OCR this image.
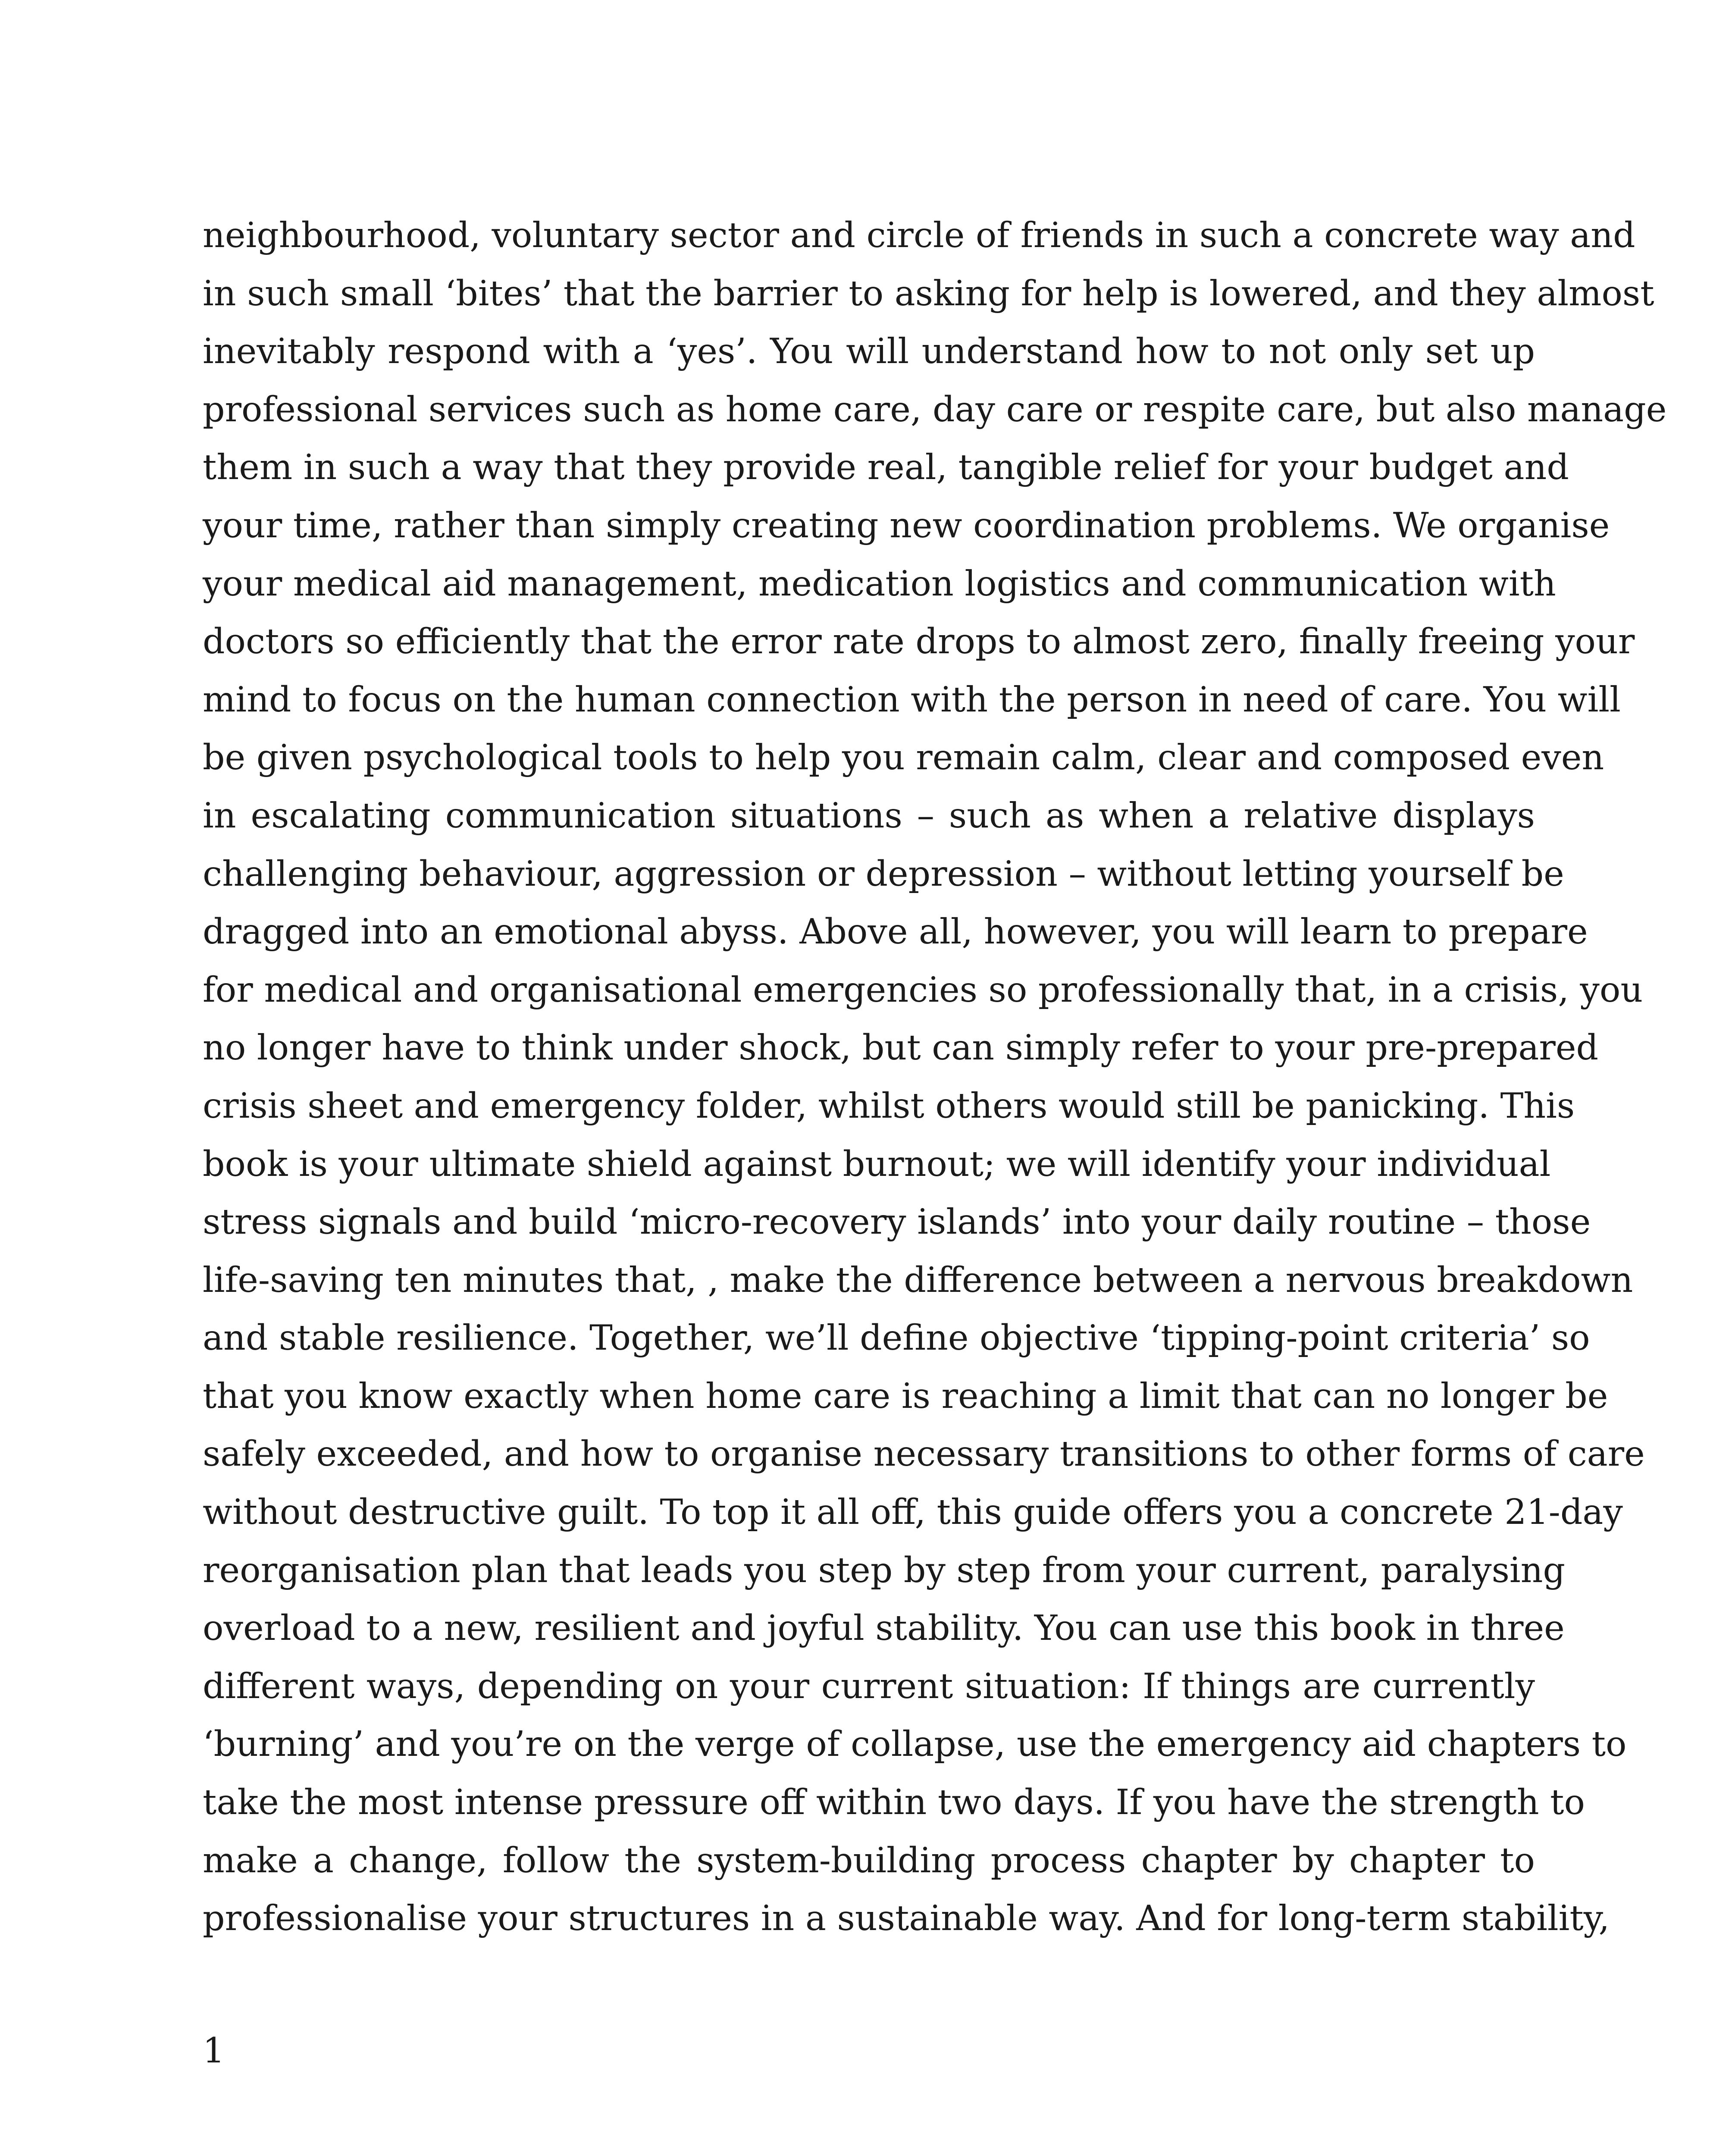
neighbourhood, voluntary sector and circle of friends in such a concrete way and
in such small ‘bites’ that the barrier to asking for help is lowered, and they almost
inevitably respond with a ‘yes’. You will understand how to not only set up
professional services such as home care, day care or respite care, but also manage
them in such a way that they provide real, tangible relief for your budget and
your time, rather than simply creating new coordination problems. We organise
your medical aid management, medication logistics and communication with
doctors so efficiently that the error rate drops to almost zero, finally freeing your
mind to focus on the human connection with the person in need of care. You will
be given psychological tools to help you remain calm, clear and composed even
in escalating communication situations – such as when a relative displays
challenging behaviour, aggression or depression – without letting yourself be
dragged into an emotional abyss. Above all, however, you will learn to prepare
for medical and organisational emergencies so professionally that, in a crisis, you
no longer have to think under shock, but can simply refer to your pre-prepared
crisis sheet and emergency folder, whilst others would still be panicking. This
book is your ultimate shield against burnout; we will identify your individual
stress signals and build ‘micro-recovery islands’ into your daily routine – those
life-saving ten minutes that, , make the difference between a nervous breakdown
and stable resilience. Together, we’ll define objective ‘tipping-point criteria’ so
that you know exactly when home care is reaching a limit that can no longer be
safely exceeded, and how to organise necessary transitions to other forms of care
without destructive guilt. To top it all off, this guide offers you a concrete 21-day
reorganisation plan that leads you step by step from your current, paralysing
overload to a new, resilient and joyful stability. You can use this book in three
different ways, depending on your current situation: If things are currently
‘burning’ and you’re on the verge of collapse, use the emergency aid chapters to
take the most intense pressure off within two days. If you have the strength to
make a change, follow the system-building process chapter by chapter to
professionalise your structures in a sustainable way. And for long-term stability,
1
